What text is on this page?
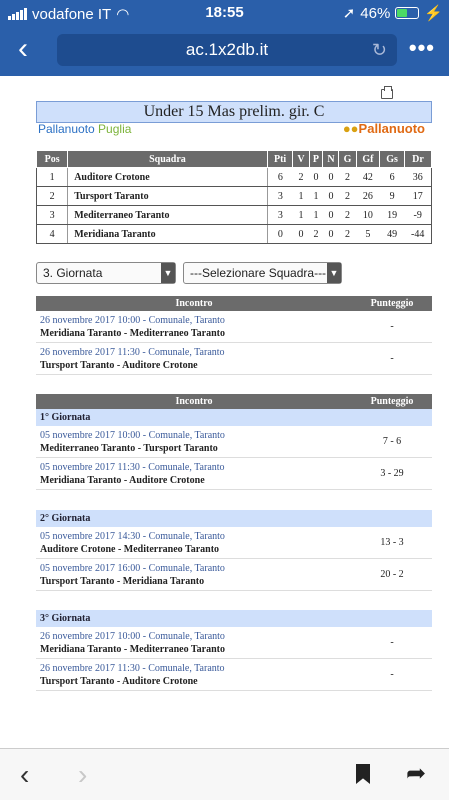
vodafone IT ◠	18:55	➚ 46% ⚡
‹	ac.1x2db.it	↻ •••
Under 15 Mas prelim. gir. C
Pallanuoto Puglia	●●Pallanuoto
Pos	Squadra	Pti	V	P	N	G	Gf	Gs	Dr
1	Auditore Crotone	6	2	0	0	2	42	6	36
2	Tursport Taranto	3	1	1	0	2	26	9	17
3	Mediterraneo Taranto	3	1	1	0	2	10	19	-9
4	Meridiana Taranto	0	0	2	0	2	5	49	-44
3. Giornata	▼	---Selezionare Squadra--- ▼
Incontro	Punteggio

26 novembre 2017 10:00 - Comunale, Taranto
Meridiana Taranto - Mediterraneo Taranto	-

26 novembre 2017 11:30 - Comunale, Taranto
Tursport Taranto - Auditore Crotone	-
Incontro	Punteggio
1° Giornata	

05 novembre 2017 10:00 - Comunale, Taranto
Mediterraneo Taranto - Tursport Taranto	7 - 6

05 novembre 2017 11:30 - Comunale, Taranto
Meridiana Taranto - Auditore Crotone	3 - 29

2° Giornata	

05 novembre 2017 14:30 - Comunale, Taranto
Auditore Crotone - Mediterraneo Taranto	13 - 3

05 novembre 2017 16:00 - Comunale, Taranto
Tursport Taranto - Meridiana Taranto	20 - 2

3° Giornata	

26 novembre 2017 10:00 - Comunale, Taranto
Meridiana Taranto - Mediterraneo Taranto	-

26 novembre 2017 11:30 - Comunale, Taranto
Tursport Taranto - Auditore Crotone	-
‹ ›	➦
